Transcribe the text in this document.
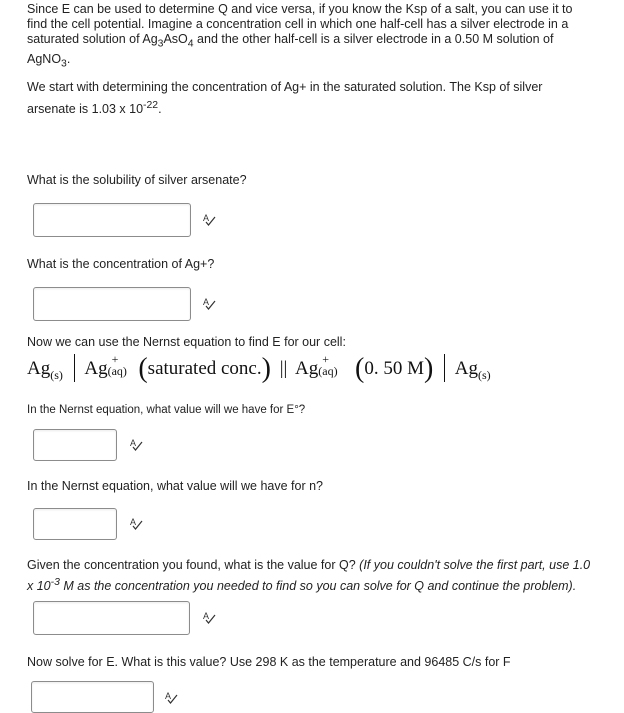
Since E can be used to determine Q and vice versa, if you know the Ksp of a salt, you can use it to
find the cell potential. Imagine a concentration cell in which one half-cell has a silver electrode in a
saturated solution of $Ag_3AsO_4$ and the other half-cell is a silver electrode in a 0.50 M solution of
AgNO$_3$.
We start with determining the concentration of Ag+ in the saturated solution. The Ksp of silver
arsenate is 1.03 x $10^{-22}$.
What is the solubility of silver arsenate?
A
What is the concentration of Ag+?
A
Now we can use the Nernst equation to find E for our cell:
$Ag_{(s)}$ Ag +
(aq) (saturated conc.) || Ag +
(aq) (0. 50 M) $Ag_{(s)}$
In the Nernst equation, what value will we have for E°?
A
In the Nernst equation, what value will we have for n?
A
Given the concentration you found, what is the value for Q? (If you couldn't solve the first part, use 1.0
x $10^{-3}$ M as the concentration you needed to find so you can solve for Q and continue the problem).
A
Now solve for E. What is this value? Use 298 K as the temperature and 96485 C/s for F
A
